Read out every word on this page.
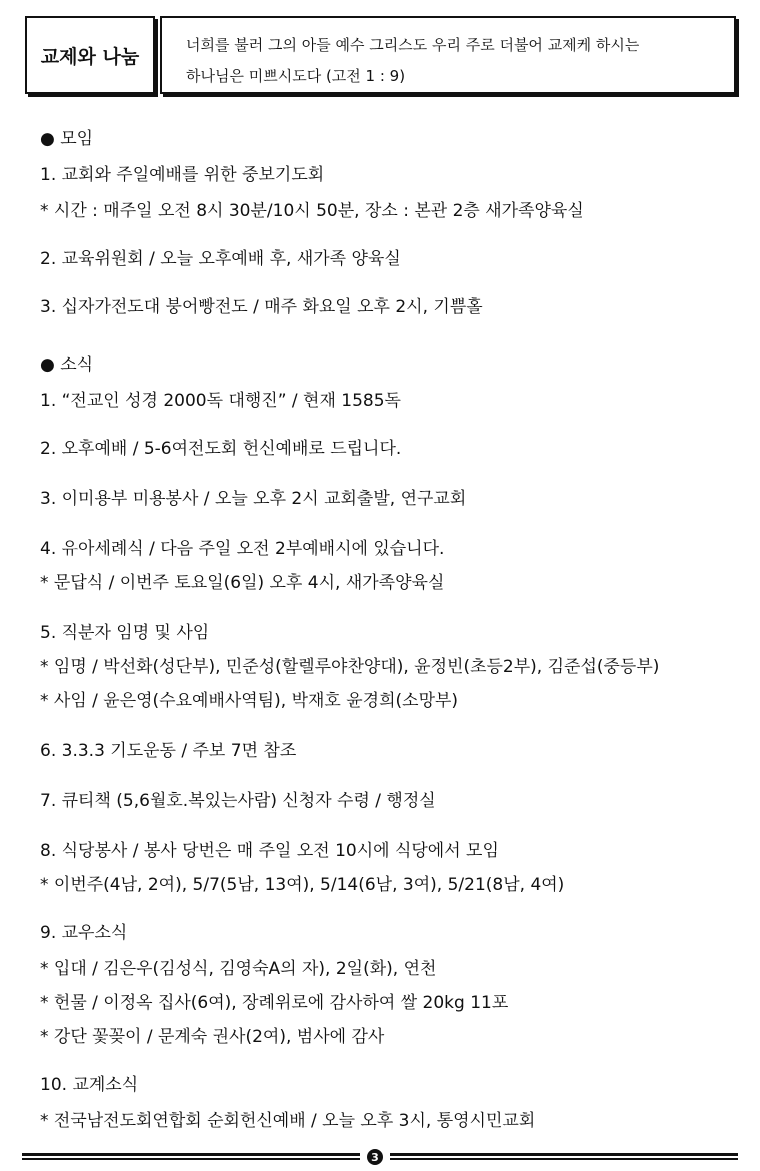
교제와 나눔
너희를 불러 그의 아들 예수 그리스도 우리 주로 더불어 교제케 하시는
하나님은 미쁘시도다 (고전 1 : 9)
● 모임
1. 교회와 주일예배를 위한 중보기도회
* 시간 : 매주일 오전 8시 30분/10시 50분, 장소 : 본관 2층 새가족양육실
2. 교육위원회 / 오늘 오후예배 후, 새가족 양육실
3. 십자가전도대 붕어빵전도 / 매주 화요일 오후 2시, 기쁨홀
● 소식
1. “전교인 성경 2000독 대행진” / 현재 1585독
2. 오후예배 / 5-6여전도회 헌신예배로 드립니다.
3. 이미용부 미용봉사 / 오늘 오후 2시 교회출발, 연구교회
4. 유아세례식 / 다음 주일 오전 2부예배시에 있습니다.
* 문답식 / 이번주 토요일(6일) 오후 4시, 새가족양육실
5. 직분자 임명 및 사임
* 임명 / 박선화(성단부), 민준성(할렐루야찬양대), 윤정빈(초등2부), 김준섭(중등부)
* 사임 / 윤은영(수요예배사역팀), 박재호 윤경희(소망부)
6. 3.3.3 기도운동 / 주보 7면 참조
7. 큐티책 (5,6월호.복있는사람) 신청자 수령 / 행정실
8. 식당봉사 / 봉사 당번은 매 주일 오전 10시에 식당에서 모임
* 이번주(4남, 2여), 5/7(5남, 13여), 5/14(6남, 3여), 5/21(8남, 4여)
9. 교우소식
* 입대 / 김은우(김성식, 김영숙A의 자), 2일(화), 연천
* 헌물 / 이정옥 집사(6여), 장례위로에 감사하여 쌀 20kg 11포
* 강단 꽃꽂이 / 문계숙 권사(2여), 범사에 감사
10. 교계소식
* 전국남전도회연합회 순회헌신예배 / 오늘 오후 3시, 통영시민교회
3
